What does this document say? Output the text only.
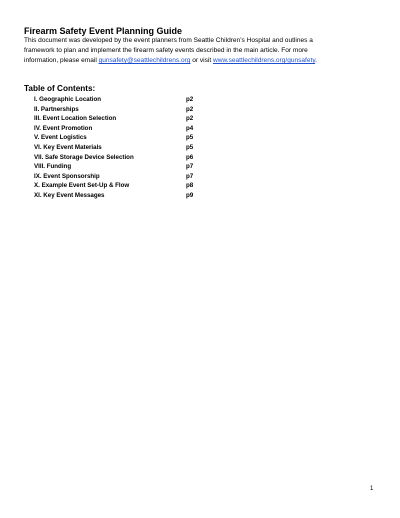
Firearm Safety Event Planning Guide
This document was developed by the event planners from Seattle Children’s Hospital and outlines a
framework to plan and implement the firearm safety events described in the main article. For more
information, please email gunsafety@seattlechildrens.org or visit www.seattlechildrens.org/gunsafety.
Table of Contents:
I. Geographic Location	p2
II. Partnerships	p2
III. Event Location Selection	p2
IV. Event Promotion	p4
V. Event Logistics	p5
VI. Key Event Materials	p5
VII. Safe Storage Device Selection	p6
VIII. Funding	p7
IX. Event Sponsorship	p7
X. Example Event Set-Up & Flow	p8
XI. Key Event Messages	p9
1
